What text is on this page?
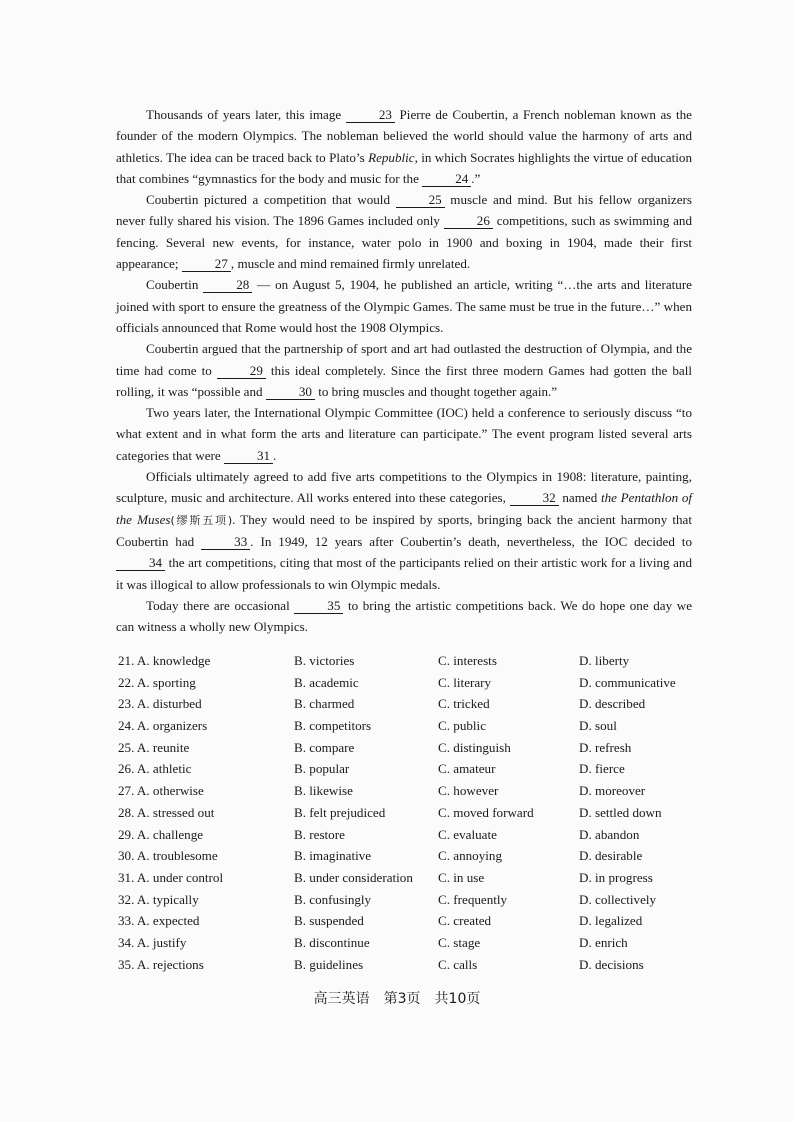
Thousands of years later, this image	23 Pierre de Coubertin, a French nobleman known as the founder of the modern Olympics. The nobleman believed the world should value the harmony of arts and athletics. The idea can be traced back to Plato’s Republic, in which Socrates highlights the virtue of education that combines “gymnastics for the body and music for the	24 .”

Coubertin pictured a competition that would	25 muscle and mind. But his fellow organizers never fully shared his vision. The 1896 Games included only	26 competitions, such as swimming and fencing. Several new events, for instance, water polo in 1900 and boxing in 1904, made their first appearance;	27 , muscle and mind remained firmly unrelated.

Coubertin	28 — on August 5, 1904, he published an article, writing “…the arts and literature joined with sport to ensure the greatness of the Olympic Games. The same must be true in the future…” when officials announced that Rome would host the 1908 Olympics.

Coubertin argued that the partnership of sport and art had outlasted the destruction of Olympia, and the time had come to	29 this ideal completely. Since the first three modern Games had gotten the ball rolling, it was “possible and	30 to bring muscles and thought together again.”

Two years later, the International Olympic Committee (IOC) held a conference to seriously discuss “to what extent and in what form the arts and literature can participate.” The event program listed several arts categories that were	31 .

Officials ultimately agreed to add five arts competitions to the Olympics in 1908: literature, painting, sculpture, music and architecture. All works entered into these categories,	32 named the Pentathlon of the Muses(缪斯五项). They would need to be inspired by sports, bringing back the ancient harmony that Coubertin had	33 . In 1949, 12 years after Coubertin’s death, nevertheless, the IOC decided to 34 the art competitions, citing that most of the participants relied on their artistic work for a living and it was illogical to allow professionals to win Olympic medals.

Today there are occasional	35 to bring the artistic competitions back. We do hope one day we can witness a wholly new Olympics.

21. A. knowledge	B. victories	C. interests	D. liberty
22. A. sporting	B. academic	C. literary	D. communicative
23. A. disturbed	B. charmed	C. tricked	D. described
24. A. organizers	B. competitors	C. public	D. soul
25. A. reunite	B. compare	C. distinguish	D. refresh
26. A. athletic	B. popular	C. amateur	D. fierce
27. A. otherwise	B. likewise	C. however	D. moreover
28. A. stressed out	B. felt prejudiced	C. moved forward	D. settled down
29. A. challenge	B. restore	C. evaluate	D. abandon
30. A. troublesome	B. imaginative	C. annoying	D. desirable
31. A. under control	B. under consideration C. in use	D. in progress
32. A. typically	B. confusingly	C. frequently	D. collectively
33. A. expected	B. suspended	C. created	D. legalized
34. A. justify	B. discontinue	C. stage	D. enrich
35. A. rejections	B. guidelines	C. calls	D. decisions
高三英语　第3页　共10页
